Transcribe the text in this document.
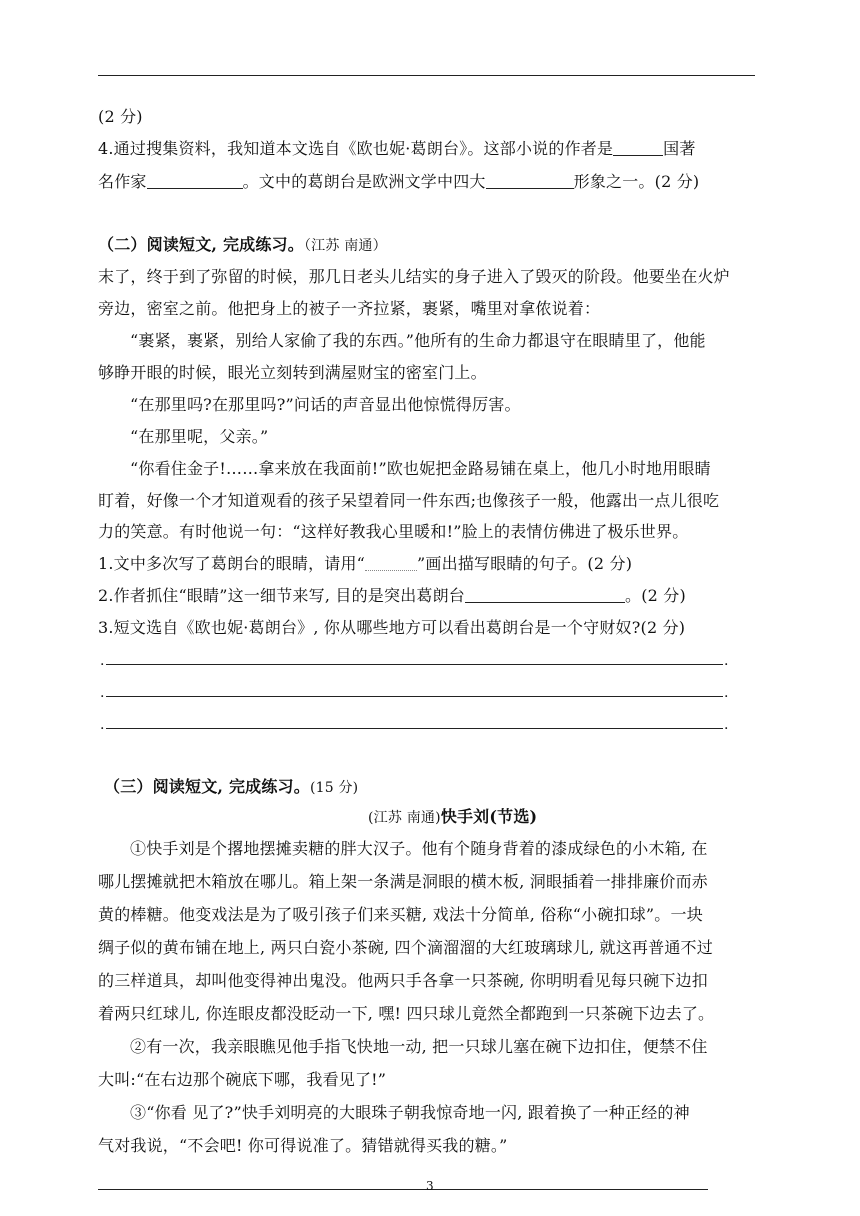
(2 分)
4.通过搜集资料，我知道本文选自《欧也妮·葛朗台》。这部小说的作者是	国著
名作家	。文中的葛朗台是欧洲文学中四大	形象之一。(2 分)
（二）阅读短文, 完成练习。（江苏 南通）
末了，终于到了弥留的时候，那几日老头儿结实的身子进入了毁灭的阶段。他要坐在火炉
旁边，密室之前。他把身上的被子一齐拉紧，裹紧，嘴里对拿侬说着：
“裹紧，裹紧，别给人家偷了我的东西。”他所有的生命力都退守在眼睛里了，他能
够睁开眼的时候，眼光立刻转到满屋财宝的密室门上。
“在那里吗?在那里吗?”问话的声音显出他惊慌得厉害。
“在那里呢，父亲。”
“你看住金子!……拿来放在我面前!”欧也妮把金路易铺在桌上，他几小时地用眼睛
盯着，好像一个才知道观看的孩子呆望着同一件东西;也像孩子一般，他露出一点儿很吃
力的笑意。有时他说一句：“这样好教我心里暖和!”脸上的表情仿佛进了极乐世界。
1.文中多次写了葛朗台的眼睛，请用“	”画出描写眼睛的句子。(2 分)
2.作者抓住“眼睛”这一细节来写, 目的是突出葛朗台	。(2 分)
3.短文选自《欧也妮·葛朗台》, 你从哪些地方可以看出葛朗台是一个守财奴?(2 分)
.	.
.	.
.	.
（三）阅读短文, 完成练习。(15 分)
(江苏 南通)快手刘(节选)
①快手刘是个撂地摆摊卖糖的胖大汉子。他有个随身背着的漆成绿色的小木箱, 在
哪儿摆摊就把木箱放在哪儿。箱上架一条满是洞眼的横木板, 洞眼插着一排排廉价而赤
黄的棒糖。他变戏法是为了吸引孩子们来买糖, 戏法十分简单, 俗称“小碗扣球”。一块
绸子似的黄布铺在地上, 两只白瓷小茶碗, 四个滴溜溜的大红玻璃球儿, 就这再普通不过
的三样道具，却叫他变得神出鬼没。他两只手各拿一只茶碗, 你明明看见每只碗下边扣
着两只红球儿, 你连眼皮都没眨动一下, 嘿! 四只球儿竟然全都跑到一只茶碗下边去了。
②有一次，我亲眼瞧见他手指飞快地一动, 把一只球儿塞在碗下边扣住，便禁不住
大叫:“在右边那个碗底下哪，我看见了!”
③“你看 见了?”快手刘明亮的大眼珠子朝我惊奇地一闪, 跟着换了一种正经的神
气对我说，“不会吧! 你可得说准了。猜错就得买我的糖。”
3
